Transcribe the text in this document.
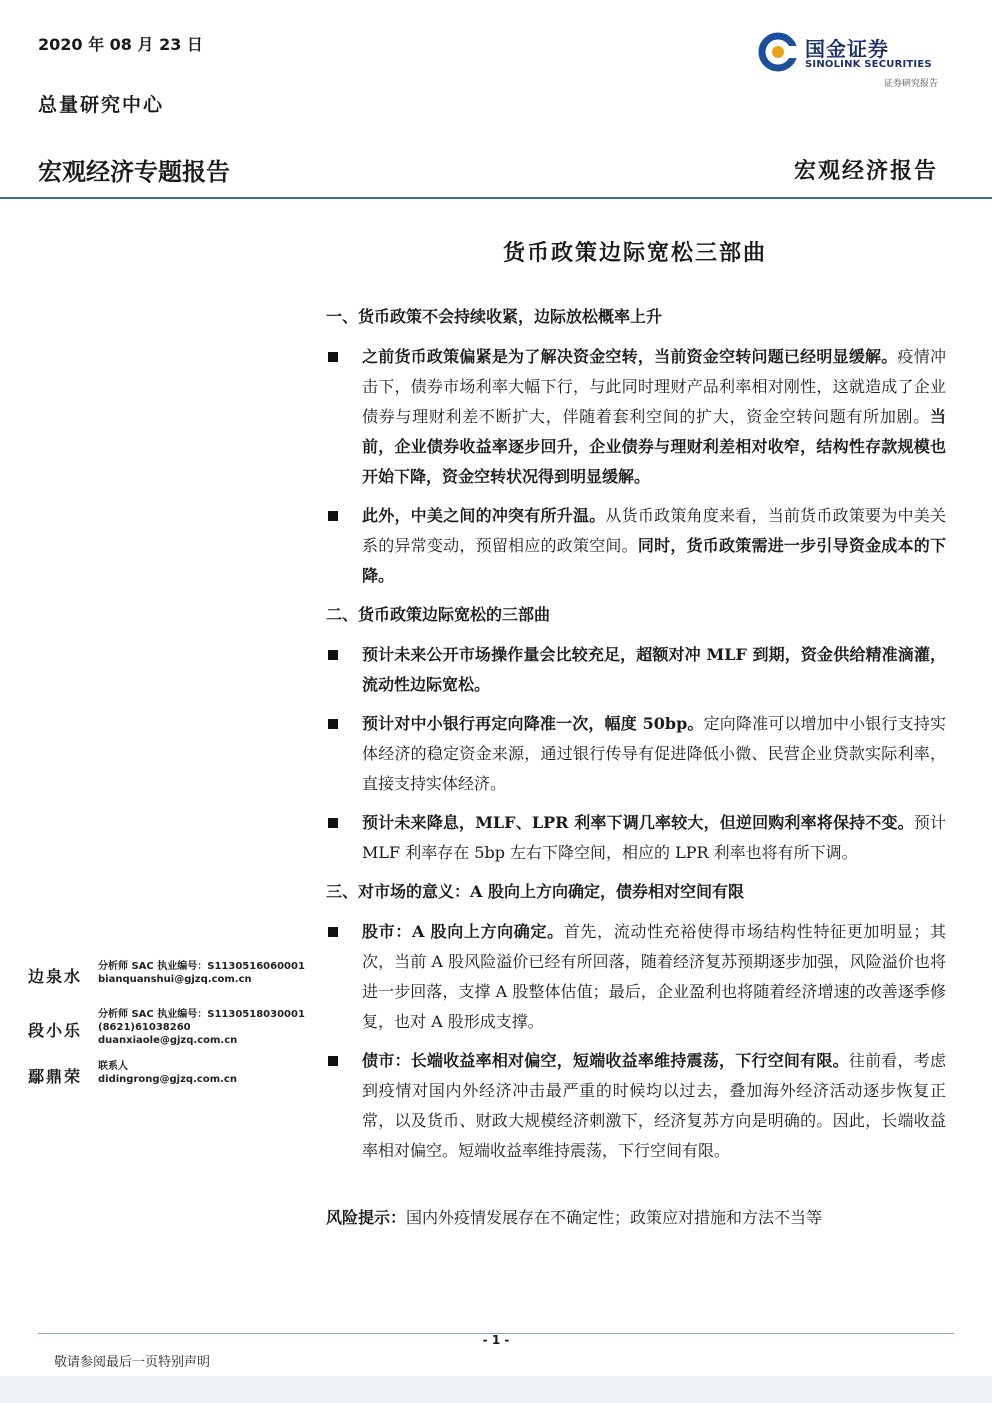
2020 年 08 月 23 日
总量研究中心
宏观经济专题报告	宏观经济报告
国金证券
SINOLINK SECURITIES
证券研究报告
货币政策边际宽松三部曲
一、货币政策不会持续收紧，边际放松概率上升
之前货币政策偏紧是为了解决资金空转，当前资金空转问题已经明显缓解。疫情冲击下，债券市场利率大幅下行，与此同时理财产品利率相对刚性，这就造成了企业债券与理财利差不断扩大，伴随着套利空间的扩大，资金空转问题有所加剧。当前，企业债券收益率逐步回升，企业债券与理财利差相对收窄，结构性存款规模也开始下降，资金空转状况得到明显缓解。
此外，中美之间的冲突有所升温。从货币政策角度来看，当前货币政策要为中美关系的异常变动，预留相应的政策空间。同时，货币政策需进一步引导资金成本的下降。
二、货币政策边际宽松的三部曲
预计未来公开市场操作量会比较充足，超额对冲 MLF 到期，资金供给精准滴灌，流动性边际宽松。
预计对中小银行再定向降准一次，幅度 50bp。定向降准可以增加中小银行支持实体经济的稳定资金来源，通过银行传导有促进降低小微、民营企业贷款实际利率，直接支持实体经济。
预计未来降息，MLF、LPR 利率下调几率较大，但逆回购利率将保持不变。预计 MLF 利率存在 5bp 左右下降空间，相应的 LPR 利率也将有所下调。
三、对市场的意义：A 股向上方向确定，债券相对空间有限
股市：A 股向上方向确定。首先，流动性充裕使得市场结构性特征更加明显；其次，当前 A 股风险溢价已经有所回落，随着经济复苏预期逐步加强，风险溢价也将进一步回落，支撑 A 股整体估值；最后，企业盈利也将随着经济增速的改善逐季修复，也对 A 股形成支撑。
债市：长端收益率相对偏空，短端收益率维持震荡，下行空间有限。往前看，考虑到疫情对国内外经济冲击最严重的时候均以过去，叠加海外经济活动逐步恢复正常，以及货币、财政大规模经济刺激下，经济复苏方向是明确的。因此，长端收益率相对偏空。短端收益率维持震荡，下行空间有限。
边泉水
分析师 SAC 执业编号：S1130516060001
bianquanshui@gjzq.com.cn
段小乐
分析师 SAC 执业编号：S1130518030001
(8621)61038260
duanxiaole@gjzq.com.cn
鄢鼎荣
联系人
didingrong@gjzq.com.cn
风险提示：国内外疫情发展存在不确定性；政策应对措施和方法不当等
- 1 -
敬请参阅最后一页特别声明
